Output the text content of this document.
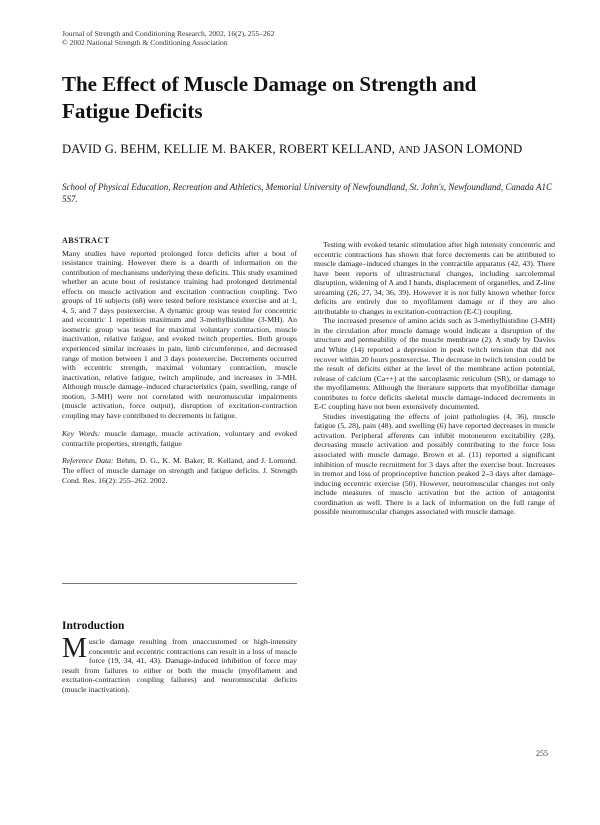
Journal of Strength and Conditioning Research, 2002, 16(2), 255–262
© 2002 National Strength & Conditioning Association
The Effect of Muscle Damage on Strength and Fatigue Deficits
DAVID G. BEHM, KELLIE M. BAKER, ROBERT KELLAND, AND JASON LOMOND
School of Physical Education, Recreation and Athletics, Memorial University of Newfoundland, St. John's, Newfoundland, Canada A1C 5S7.
ABSTRACT

Many studies have reported prolonged force deficits after a bout of resistance training. However there is a dearth of information on the contribution of mechanisms underlying these deficits. This study examined whether an acute bout of resistance training had prolonged detrimental effects on muscle activation and excitation contraction coupling. Two groups of 16 subjects (n8) were tested before resistance exercise and at 1, 4, 5, and 7 days postexercise. A dynamic group was tested for concentric and eccentric 1 repetition maximum and 3-methylhistidine (3-MH). An isometric group was tested for maximal voluntary contraction, muscle inactivation, relative fatigue, and evoked twitch properties. Both groups experienced similar increases in pain, limb circumference, and decreased range of motion between 1 and 3 days postexercise. Decrements occurred with eccentric strength, maximal voluntary contraction, muscle inactivation, relative fatigue, twitch amplitude, and increases in 3-MH. Although muscle damage–induced characteristics (pain, swelling, range of motion, 3-MH) were not correlated with neuromuscular impairments (muscle activation, force output), disruption of excitation-contraction coupling may have contributed to decrements in fatigue.

Key Words: muscle damage, muscle activation, voluntary and evoked contractile properties, strength, fatigue

Reference Data: Behm, D. G., K. M. Baker, R. Kelland, and J. Lomond. The effect of muscle damage on strength and fatigue deficits. J. Strength Cond. Res. 16(2): 255–262. 2002.

Introduction
M uscle damage resulting from unaccustomed or high-intensity concentric and eccentric contractions can result in a loss of muscle force (19, 34, 41, 43). Damage-induced inhibition of force may result from failures to either or both the muscle (myofilament and excitation-contraction coupling failures) and neuromuscular deficits (muscle inactivation).

Testing with evoked tetanic stimulation after high intensity concentric and eccentric contractions has shown that force decrements can be attributed to muscle damage–induced changes in the contractile apparatus (42, 43). There have been reports of ultrastructural changes, including sarcolemmal disruption, widening of A and I bands, displacement of organelles, and Z-line streaming (26, 27, 34, 36, 39). However it is not fully known whether force deficits are entirely due to myofilament damage or if they are also attributable to changes in excitation-contraction (E-C) coupling.

The increased presence of amino acids such as 3-methylhistidine (3-MH) in the circulation after muscle damage would indicate a disruption of the structure and permeability of the muscle membrane (2). A study by Davies and White (14) reported a depression in peak twitch tension that did not recover within 20 hours postexercise. The decrease in twitch tension could be the result of deficits either at the level of the membrane action potential, release of calcium (Ca++) at the sarcoplasmic reticulum (SR), or damage to the myofilaments. Although the literature supports that myofibrillar damage contributes to force deficits skeletal muscle damage-induced decrements in E-C coupling have not been extensively documented.

Studies investigating the effects of joint pathologies (4, 36), muscle fatigue (5, 28), pain (48), and swelling (6) have reported decreases in muscle activation. Peripheral afferents can inhibit motoneuron excitability (28), decreasing muscle activation and possibly contributing to the force loss associated with muscle damage. Brown et al. (11) reported a significant inhibition of muscle recruitment for 3 days after the exercise bout. Increases in tremor and loss of proprioceptive function peaked 2–3 days after damage-inducing eccentric exercise (50). However, neuromuscular changes not only include measures of muscle activation but the action of antagonist coordination as well. There is a lack of information on the full range of possible neuromuscular changes associated with muscle damage.

255
